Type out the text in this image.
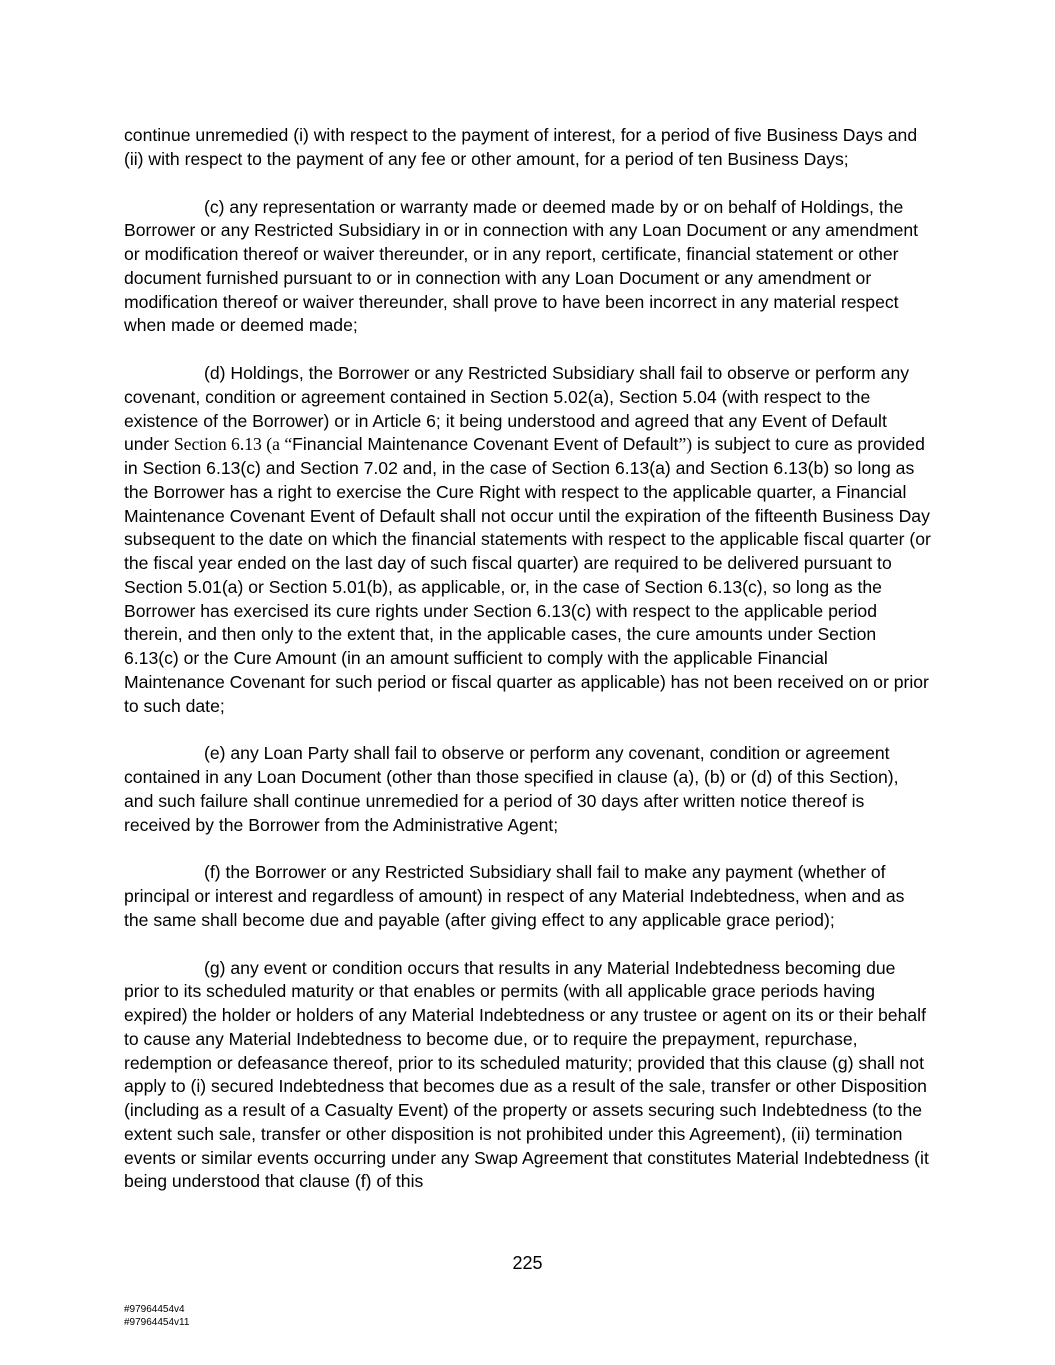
continue unremedied (i) with respect to the payment of interest, for a period of five Business Days and (ii) with respect to the payment of any fee or other amount, for a period of ten Business Days;

(c) any representation or warranty made or deemed made by or on behalf of Holdings, the Borrower or any Restricted Subsidiary in or in connection with any Loan Document or any amendment or modification thereof or waiver thereunder, or in any report, certificate, financial statement or other document furnished pursuant to or in connection with any Loan Document or any amendment or modification thereof or waiver thereunder, shall prove to have been incorrect in any material respect when made or deemed made;

(d) Holdings, the Borrower or any Restricted Subsidiary shall fail to observe or perform any covenant, condition or agreement contained in Section 5.02(a), Section 5.04 (with respect to the existence of the Borrower) or in Article 6; it being understood and agreed that any Event of Default under Section 6.13 (a “Financial Maintenance Covenant Event of Default”) is subject to cure as provided in Section 6.13(c) and Section 7.02 and, in the case of Section 6.13(a) and Section 6.13(b) so long as the Borrower has a right to exercise the Cure Right with respect to the applicable quarter, a Financial Maintenance Covenant Event of Default shall not occur until the expiration of the fifteenth Business Day subsequent to the date on which the financial statements with respect to the applicable fiscal quarter (or the fiscal year ended on the last day of such fiscal quarter) are required to be delivered pursuant to Section 5.01(a) or Section 5.01(b), as applicable, or, in the case of Section 6.13(c), so long as the Borrower has exercised its cure rights under Section 6.13(c) with respect to the applicable period therein, and then only to the extent that, in the applicable cases, the cure amounts under Section 6.13(c) or the Cure Amount (in an amount sufficient to comply with the applicable Financial Maintenance Covenant for such period or fiscal quarter as applicable) has not been received on or prior to such date;

(e) any Loan Party shall fail to observe or perform any covenant, condition or agreement contained in any Loan Document (other than those specified in clause (a), (b) or (d) of this Section), and such failure shall continue unremedied for a period of 30 days after written notice thereof is received by the Borrower from the Administrative Agent;

(f) the Borrower or any Restricted Subsidiary shall fail to make any payment (whether of principal or interest and regardless of amount) in respect of any Material Indebtedness, when and as the same shall become due and payable (after giving effect to any applicable grace period);

(g) any event or condition occurs that results in any Material Indebtedness becoming due prior to its scheduled maturity or that enables or permits (with all applicable grace periods having expired) the holder or holders of any Material Indebtedness or any trustee or agent on its or their behalf to cause any Material Indebtedness to become due, or to require the prepayment, repurchase, redemption or defeasance thereof, prior to its scheduled maturity; provided that this clause (g) shall not apply to (i) secured Indebtedness that becomes due as a result of the sale, transfer or other Disposition (including as a result of a Casualty Event) of the property or assets securing such Indebtedness (to the extent such sale, transfer or other disposition is not prohibited under this Agreement), (ii) termination events or similar events occurring under any Swap Agreement that constitutes Material Indebtedness (it being understood that clause (f) of this

225
#97964454v4
#97964454v11
